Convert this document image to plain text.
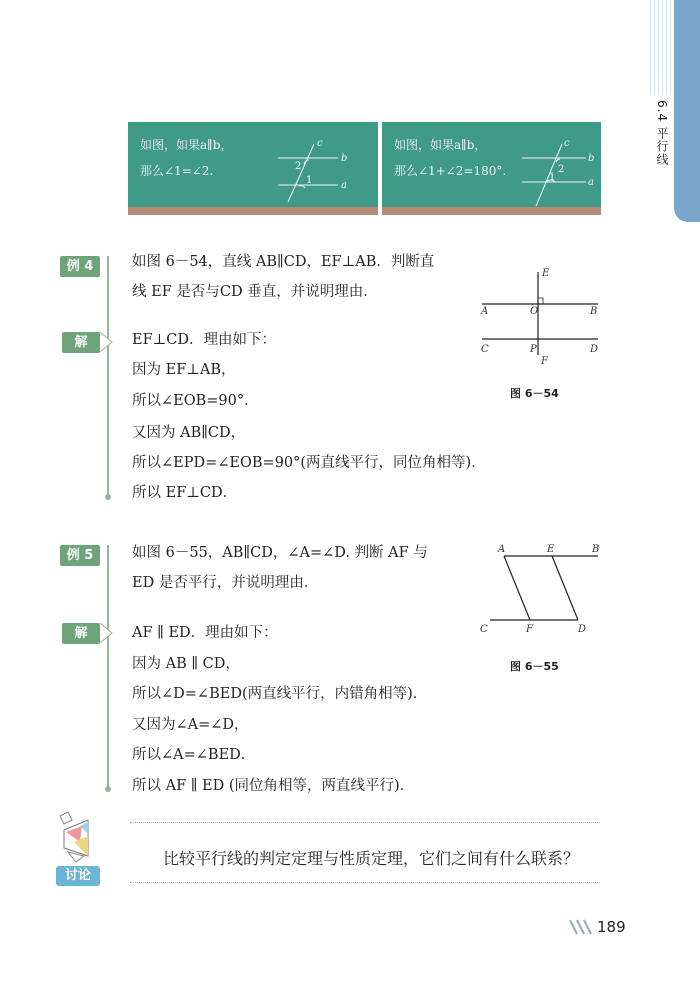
6.4 平行线
如图，如果a∥b，
那么∠1=∠2.
c
b
a
2
1
如图，如果a∥b，
那么∠1+∠2=180°.
c
b
a
2
1
例 4
解
如图 6－54，直线 AB∥CD，EF⊥AB．判断直
线 EF 是否与CD 垂直，并说明理由．
EF⊥CD．理由如下：
因为 EF⊥AB，
所以∠EOB=90°．
又因为 AB∥CD，
所以∠EPD=∠EOB=90°(两直线平行，同位角相等)．
所以 EF⊥CD．
E
A	O	B
C	P	D
F
图 6－54
例 5
解
如图 6－55，AB∥CD，∠A=∠D. 判断 AF 与
ED 是否平行，并说明理由．
AF ∥ ED．理由如下：
因为 AB ∥ CD，
所以∠D=∠BED(两直线平行，内错角相等)．
又因为∠A=∠D，
所以∠A=∠BED．
所以 AF ∥ ED (同位角相等，两直线平行)．
A	E	B
C	F	D
图 6－55
讨论
比较平行线的判定定理与性质定理，它们之间有什么联系？
189
